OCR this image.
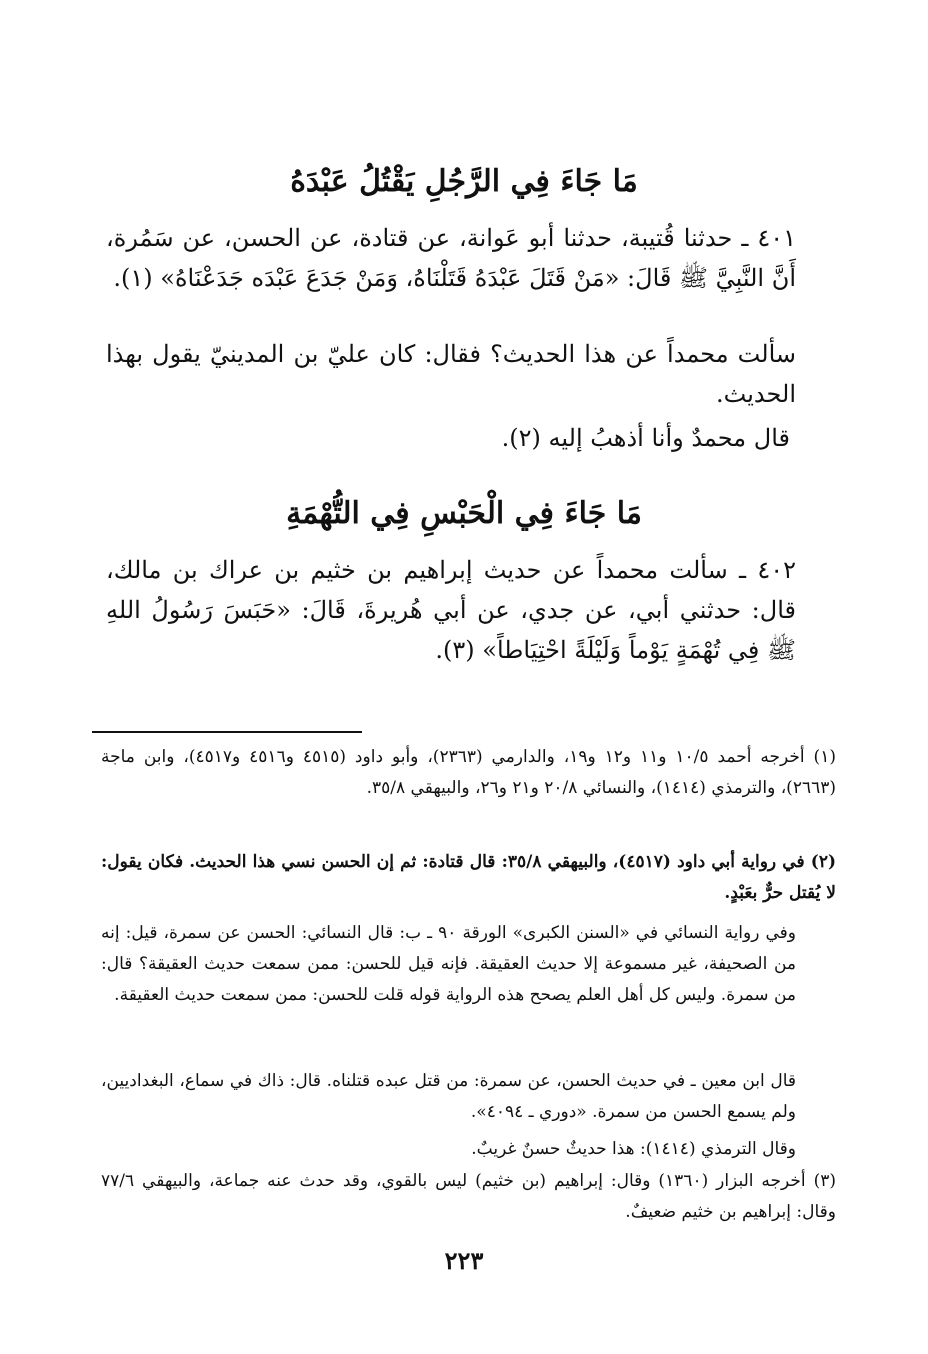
مَا جَاءَ فِي الرَّجُلِ يَقْتُلُ عَبْدَهُ
٤٠١ ـ حدثنا قُتيبة، حدثنا أبو عَوانة، عن قتادة، عن الحسن، عن سَمُرة، أَنَّ النَّبِيَّ ﷺ قَالَ: «مَنْ قَتَلَ عَبْدَهُ قَتَلْنَاهُ، وَمَنْ جَدَعَ عَبْدَه جَدَعْنَاهُ» (١).
سألت محمداً عن هذا الحديث؟ فقال: كان عليّ بن المدينيّ يقول بهذا الحديث.
قال محمدٌ وأنا أذهبُ إليه (٢).
مَا جَاءَ فِي الْحَبْسِ فِي التُّهْمَةِ
٤٠٢ ـ سألت محمداً عن حديث إبراهيم بن خثيم بن عراك بن مالك، قال: حدثني أبي، عن جدي، عن أبي هُريرةَ، قَالَ: «حَبَسَ رَسُولُ اللهِ ﷺ فِي تُهْمَةٍ يَوْماً وَلَيْلَةً احْتِيَاطاً» (٣).
(١) أخرجه أحمد ١٠/٥ و١١ و١٢ و١٩، والدارمي (٢٣٦٣)، وأبو داود (٤٥١٥ و٤٥١٦ و٤٥١٧)، وابن ماجة (٢٦٦٣)، والترمذي (١٤١٤)، والنسائي ٢٠/٨ و٢١ و٢٦، والبيهقي ٣٥/٨.
(٢) في رواية أبي داود (٤٥١٧)، والبيهقي ٣٥/٨: قال قتادة: ثم إن الحسن نسي هذا الحديث. فكان يقول: لا يُقتل حرٌّ بعَبْدٍ.
وفي رواية النسائي في «السنن الكبرى» الورقة ٩٠ ـ ب: قال النسائي: الحسن عن سمرة، قيل: إنه من الصحيفة، غير مسموعة إلا حديث العقيقة. فإنه قيل للحسن: ممن سمعت حديث العقيقة؟ قال: من سمرة. وليس كل أهل العلم يصحح هذه الرواية قوله قلت للحسن: ممن سمعت حديث العقيقة.
قال ابن معين ـ في حديث الحسن، عن سمرة: من قتل عبده قتلناه. قال: ذاك في سماع، البغداديين، ولم يسمع الحسن من سمرة. «دوري ـ ٤٠٩٤».
وقال الترمذي (١٤١٤): هذا حديثٌ حسنٌ غريبٌ.
(٣) أخرجه البزار (١٣٦٠) وقال: إبراهيم (بن خثيم) ليس بالقوي، وقد حدث عنه جماعة، والبيهقي ٧٧/٦ وقال: إبراهيم بن خثيم ضعيفٌ.
٢٢٣
